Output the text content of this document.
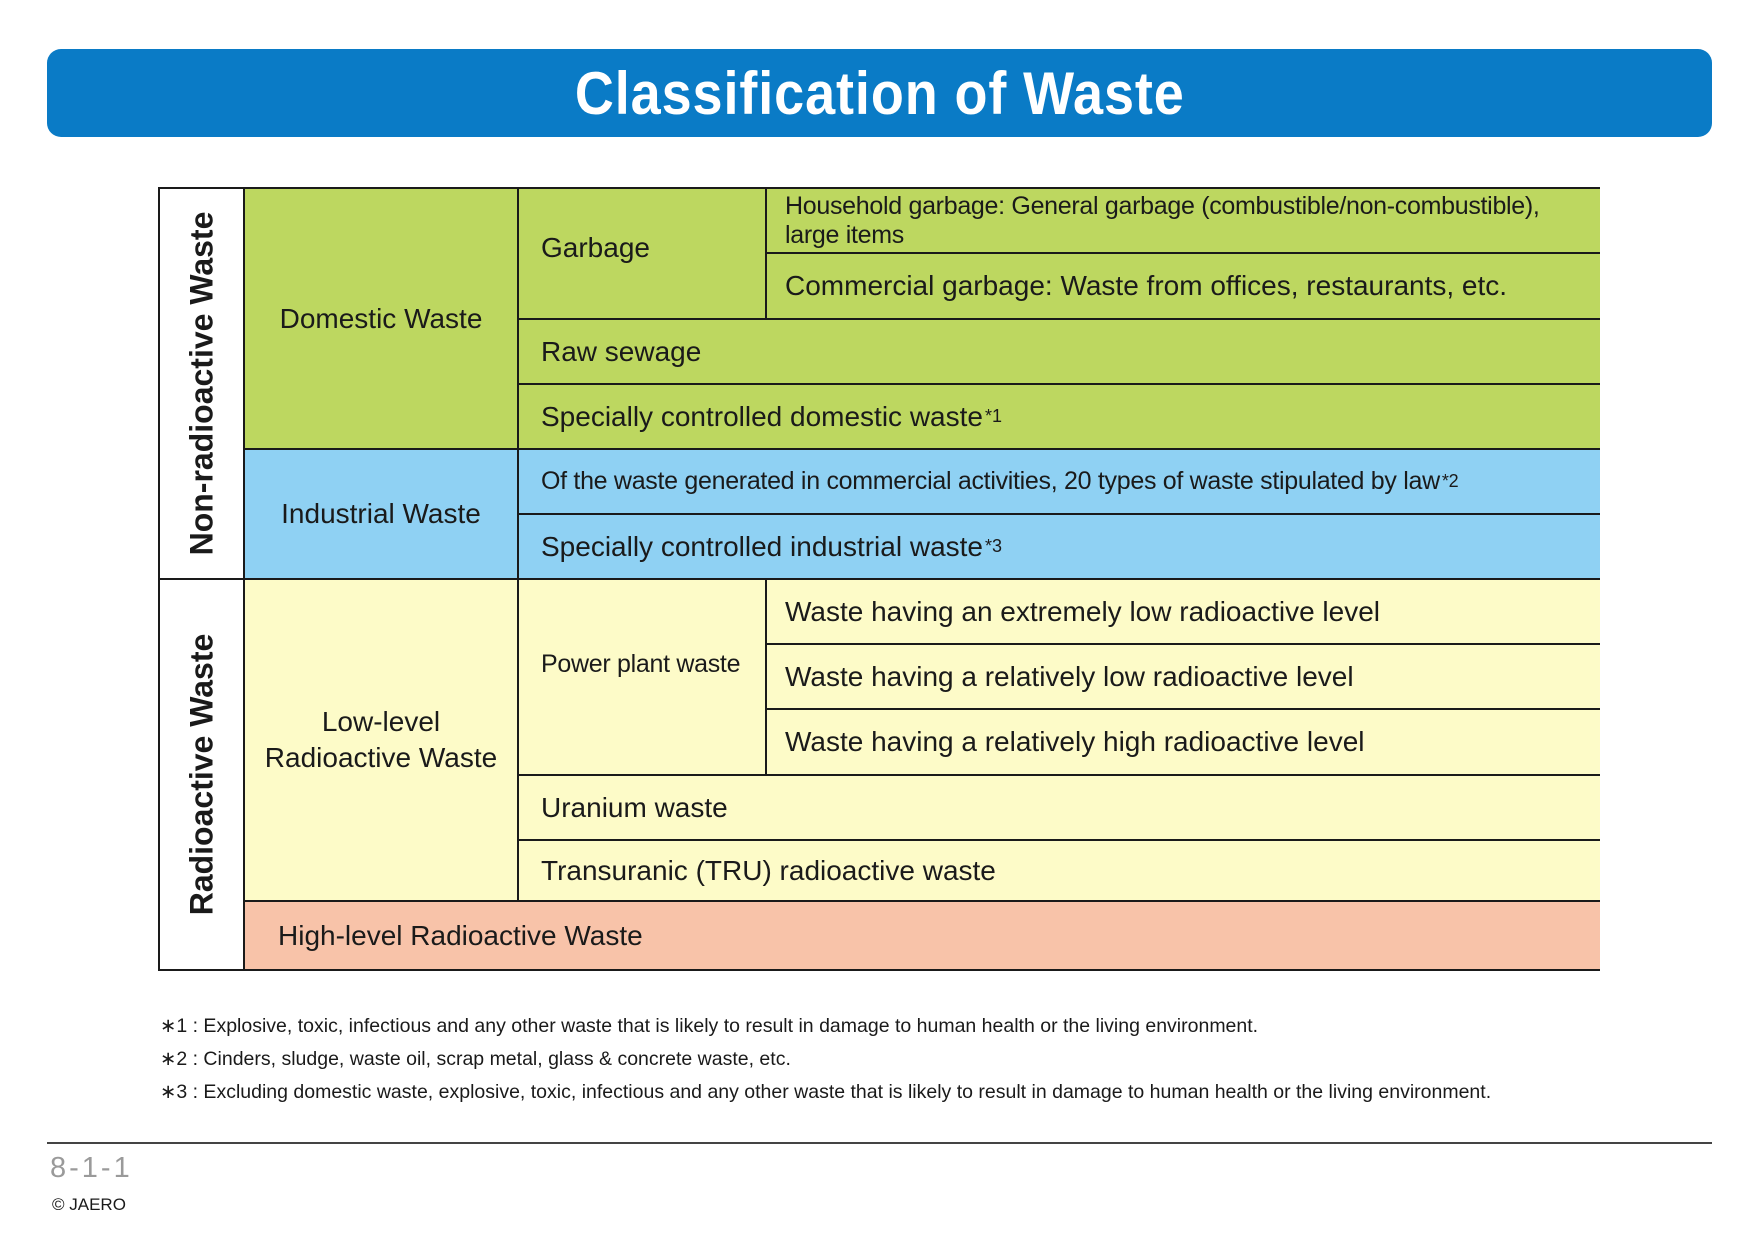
Classification of Waste
Non-radioactive Waste
Radioactive Waste
Domestic Waste
Industrial Waste
Low-level Radioactive Waste
High-level Radioactive Waste
Garbage
Household garbage: General garbage (combustible/non-combustible), large items
Commercial garbage: Waste from offices, restaurants, etc.
Raw sewage
Specially controlled domestic waste *1
Of the waste generated in commercial activities, 20 types of waste stipulated by law *2
Specially controlled industrial waste *3
Power plant waste
Waste having an extremely low radioactive level
Waste having a relatively low radioactive level
Waste having a relatively high radioactive level
Uranium waste
Transuranic (TRU) radioactive waste
∗1 : Explosive, toxic, infectious and any other waste that is likely to result in damage to human health or the living environment.
∗2 : Cinders, sludge, waste oil, scrap metal, glass & concrete waste, etc.
∗3 : Excluding domestic waste, explosive, toxic, infectious and any other waste that is likely to result in damage to human health or the living environment.
8-1-1
© JAERO
